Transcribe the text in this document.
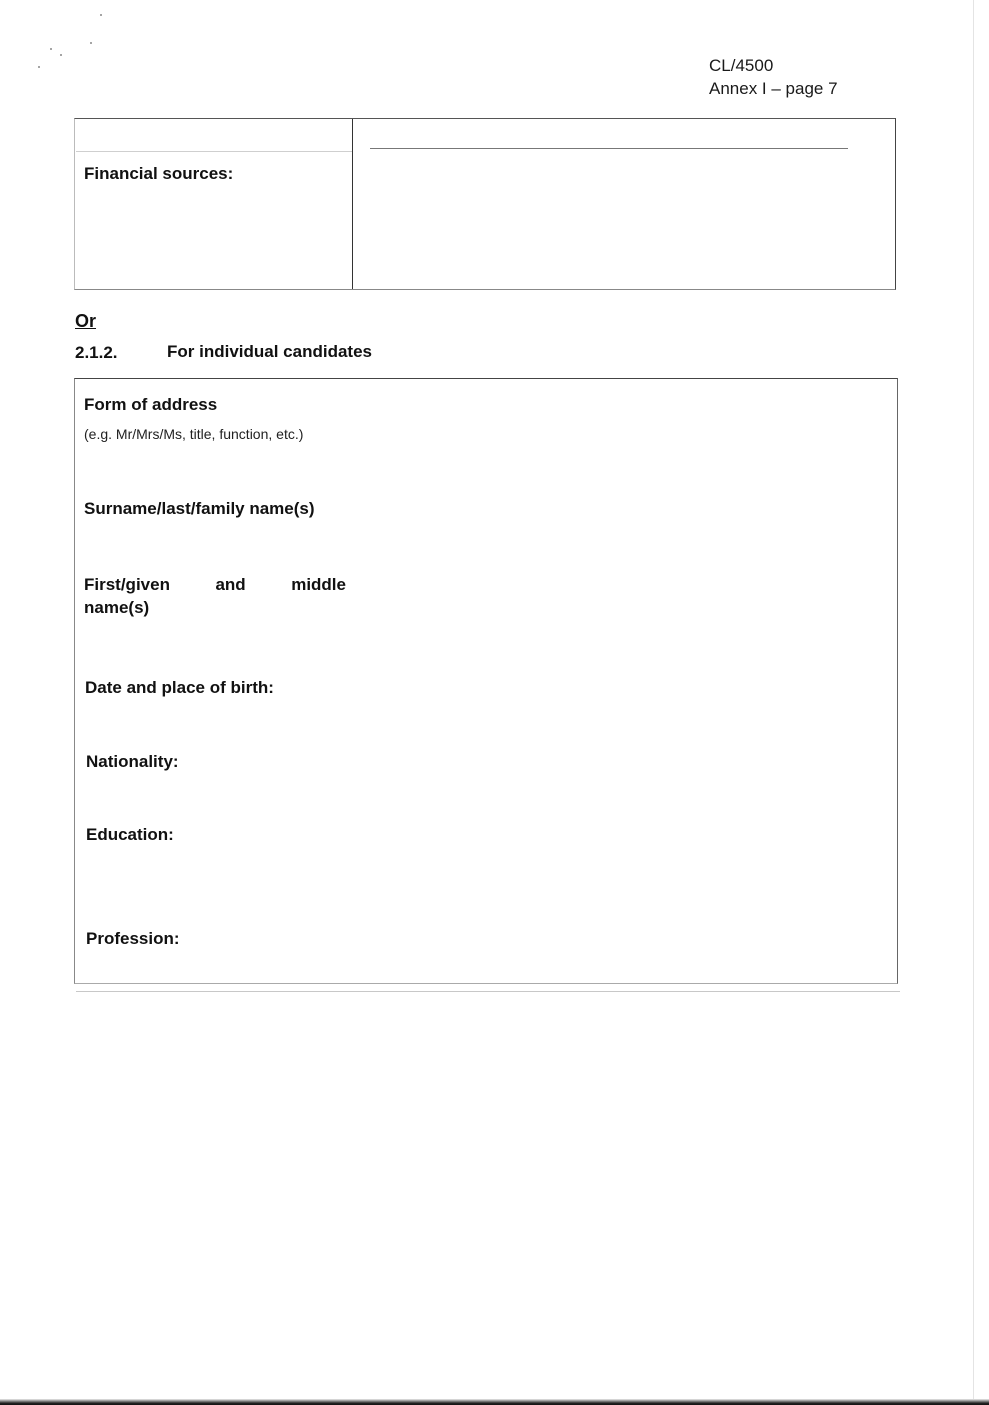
CL/4500
Annex I – page 7
Financial sources:
Or
2.1.2.	For individual candidates
Form of address
(e.g. Mr/Mrs/Ms, title, function, etc.)
Surname/last/family name(s)
First/given	and	middle
name(s)
Date and place of birth:
Nationality:
Education:
Profession:
